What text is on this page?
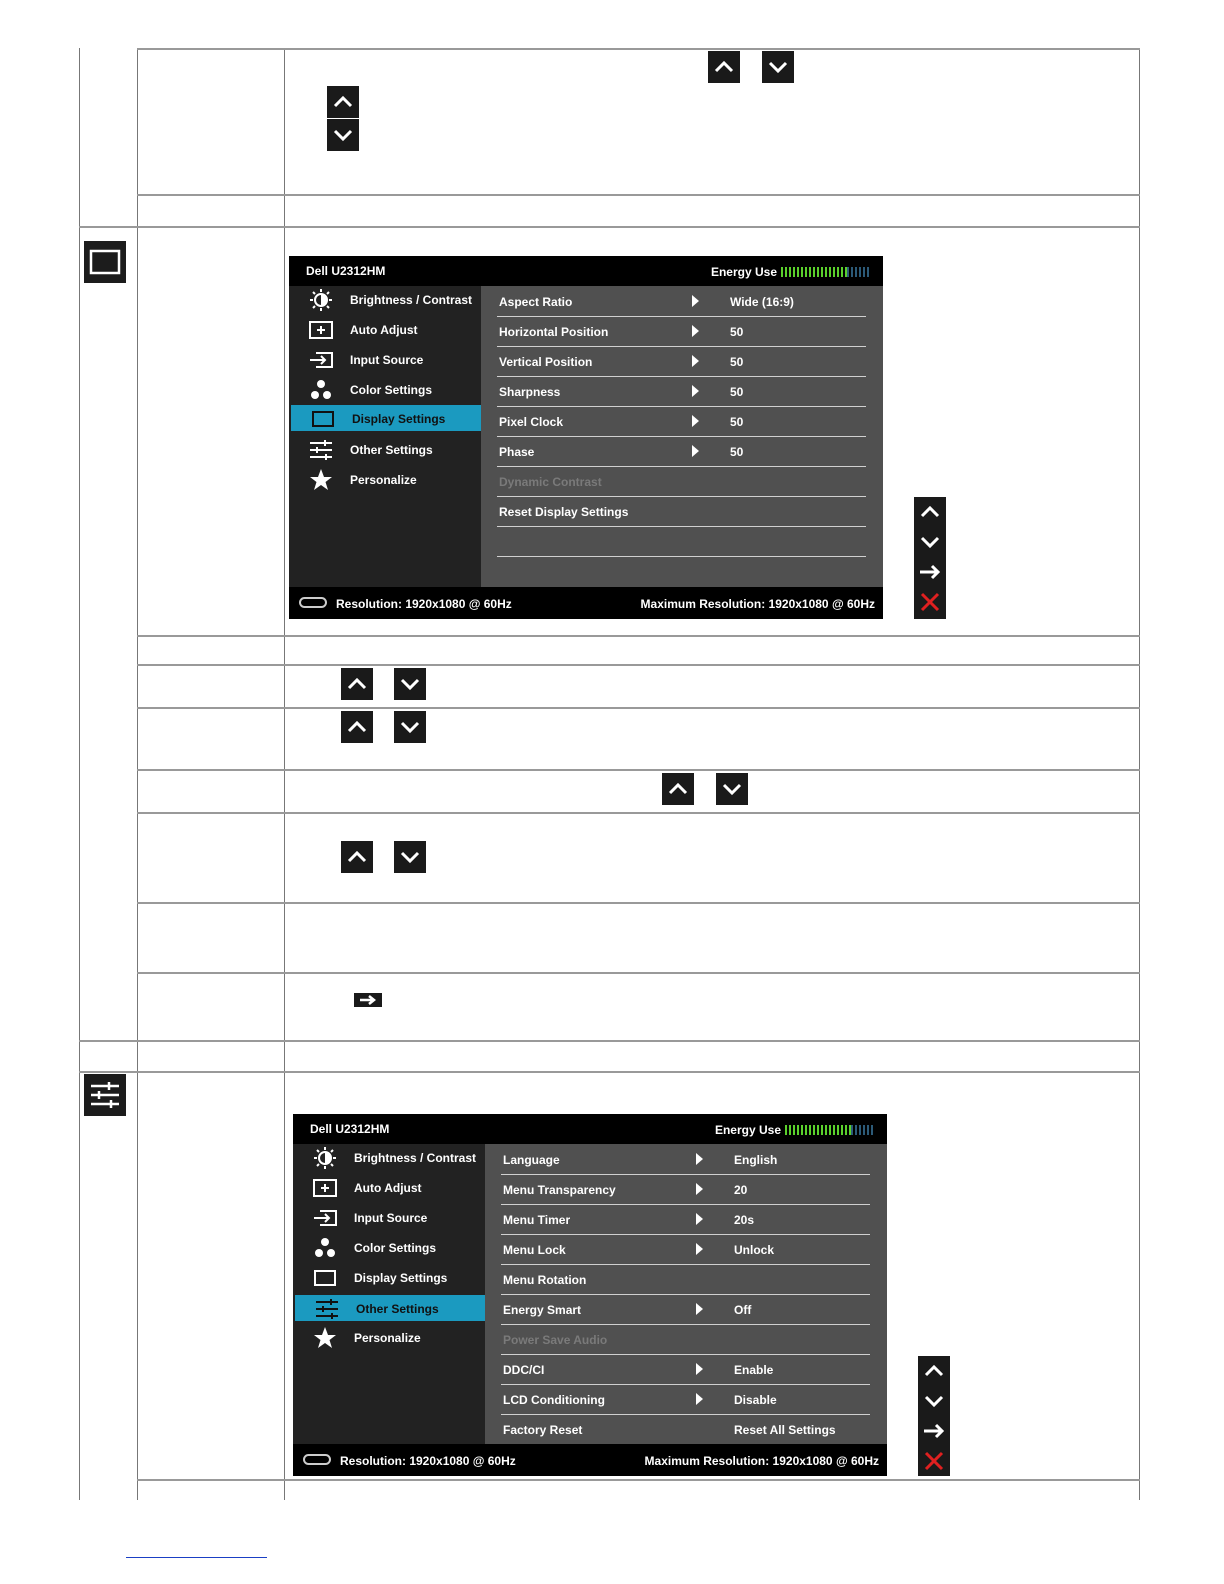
Dell U2312HM	Energy Use
Brightness / Contrast
Auto Adjust
Input Source
Color Settings
Display Settings
Other Settings
Personalize
Aspect Ratio	Wide (16:9)
Horizontal Position	50
Vertical Position	50
Sharpness	50
Pixel Clock	50
Phase	50
Dynamic Contrast
Reset Display Settings
Resolution: 1920x1080 @ 60Hz	Maximum Resolution: 1920x1080 @ 60Hz
Dell U2312HM	Energy Use
Brightness / Contrast
Auto Adjust
Input Source
Color Settings
Display Settings
Other Settings
Personalize
Language	English
Menu Transparency	20
Menu Timer	20s
Menu Lock	Unlock
Menu Rotation
Energy Smart	Off
Power Save Audio
DDC/CI	Enable
LCD Conditioning	Disable
Factory Reset	Reset All Settings
Resolution: 1920x1080 @ 60Hz	Maximum Resolution: 1920x1080 @ 60Hz
